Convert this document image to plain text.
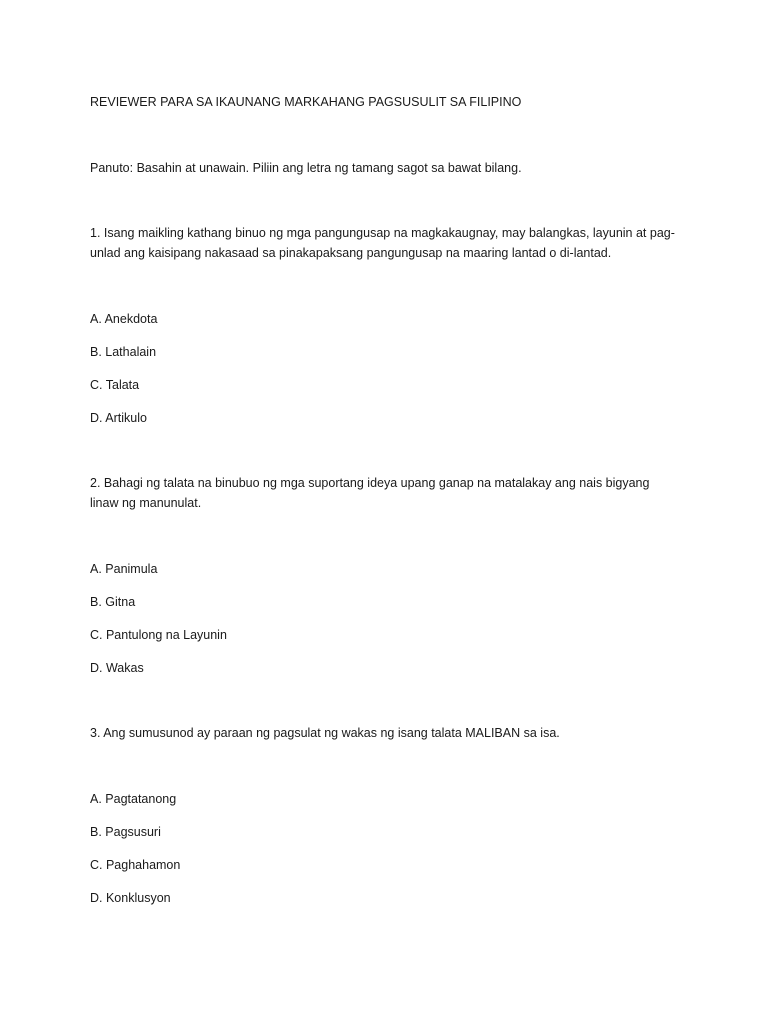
REVIEWER PARA SA IKAUNANG MARKAHANG PAGSUSULIT SA FILIPINO

Panuto: Basahin at unawain. Piliin ang letra ng tamang sagot sa bawat bilang.

1. Isang maikling kathang binuo ng mga pangungusap na magkakaugnay, may balangkas, layunin at pag-

unlad ang kaisipang nakasaad sa pinakapaksang pangungusap na maaring lantad o di-lantad.

A. Anekdota

B. Lathalain

C. Talata

D. Artikulo

2. Bahagi ng talata na binubuo ng mga suportang ideya upang ganap na matalakay ang nais bigyang

linaw ng manunulat.

A. Panimula

B. Gitna

C. Pantulong na Layunin

D. Wakas

3. Ang sumusunod ay paraan ng pagsulat ng wakas ng isang talata MALIBAN sa isa.

A. Pagtatanong

B. Pagsusuri

C. Paghahamon

D. Konklusyon
